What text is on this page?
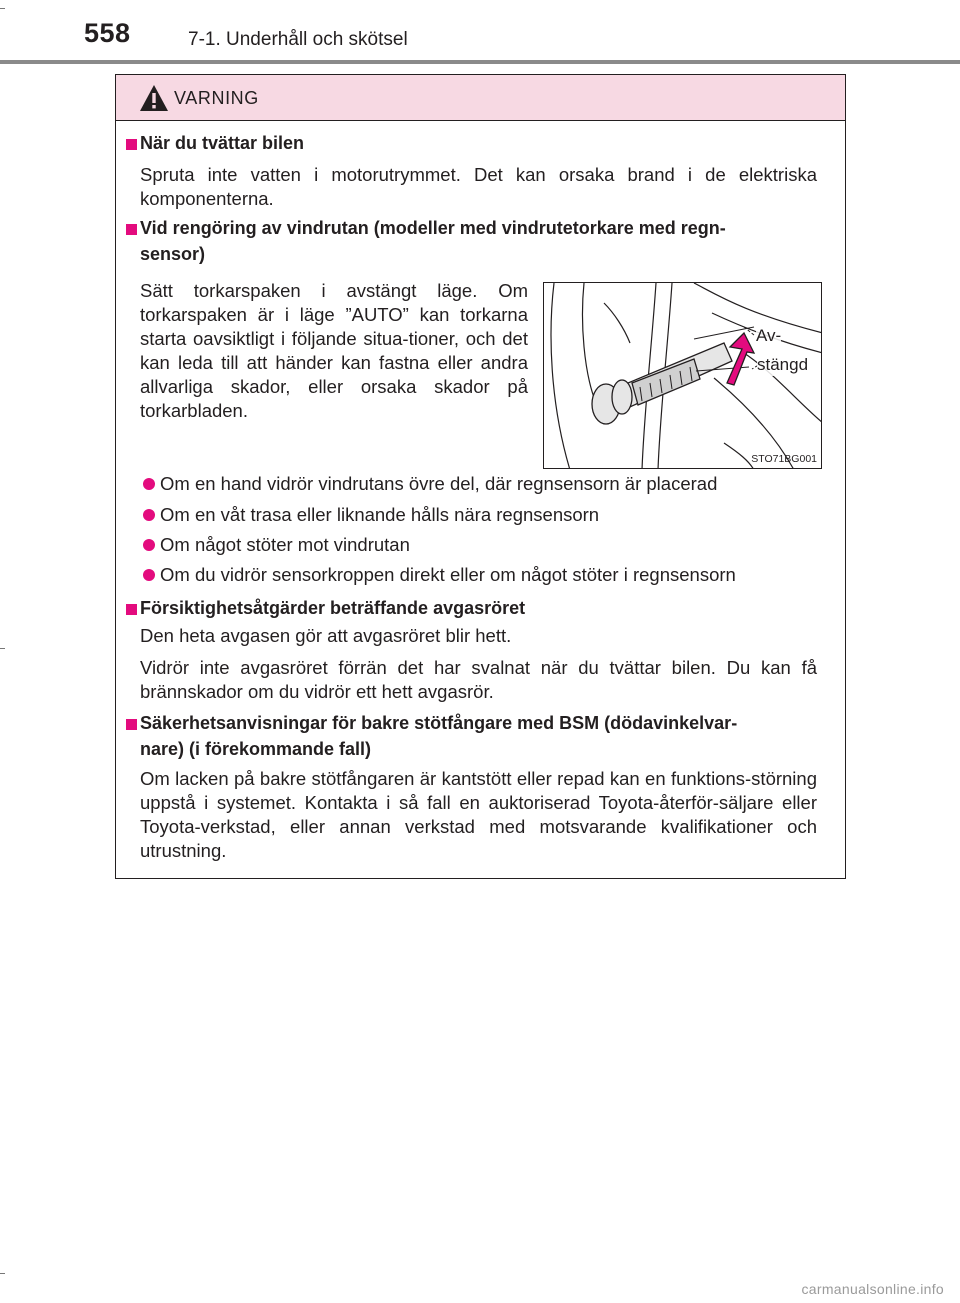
558	7-1. Underhåll och skötsel
VARNING
När du tvättar bilen
Spruta inte vatten i motorutrymmet. Det kan orsaka brand i de elektriska komponenterna.
Vid rengöring av vindrutan (modeller med vindrutetorkare med regn-
sensor)
Sätt torkarspaken i avstängt läge. Om torkarspaken är i läge ”AUTO” kan torkarna starta oavsiktligt i följande situa-tioner, och det kan leda till att händer kan fastna eller andra allvarliga skador, eller orsaka skador på torkarbladen.
Av-
stängd
STO71BG001
Om en hand vidrör vindrutans övre del, där regnsensorn är placerad
Om en våt trasa eller liknande hålls nära regnsensorn
Om något stöter mot vindrutan
Om du vidrör sensorkroppen direkt eller om något stöter i regnsensorn
Försiktighetsåtgärder beträffande avgasröret
Den heta avgasen gör att avgasröret blir hett.
Vidrör inte avgasröret förrän det har svalnat när du tvättar bilen. Du kan få brännskador om du vidrör ett hett avgasrör.
Säkerhetsanvisningar för bakre stötfångare med BSM (dödavinkelvar-
nare) (i förekommande fall)
Om lacken på bakre stötfångaren är kantstött eller repad kan en funktions-störning uppstå i systemet. Kontakta i så fall en auktoriserad Toyota-återför-säljare eller Toyota-verkstad, eller annan verkstad med motsvarande kvalifikationer och utrustning.
carmanualsonline.info
